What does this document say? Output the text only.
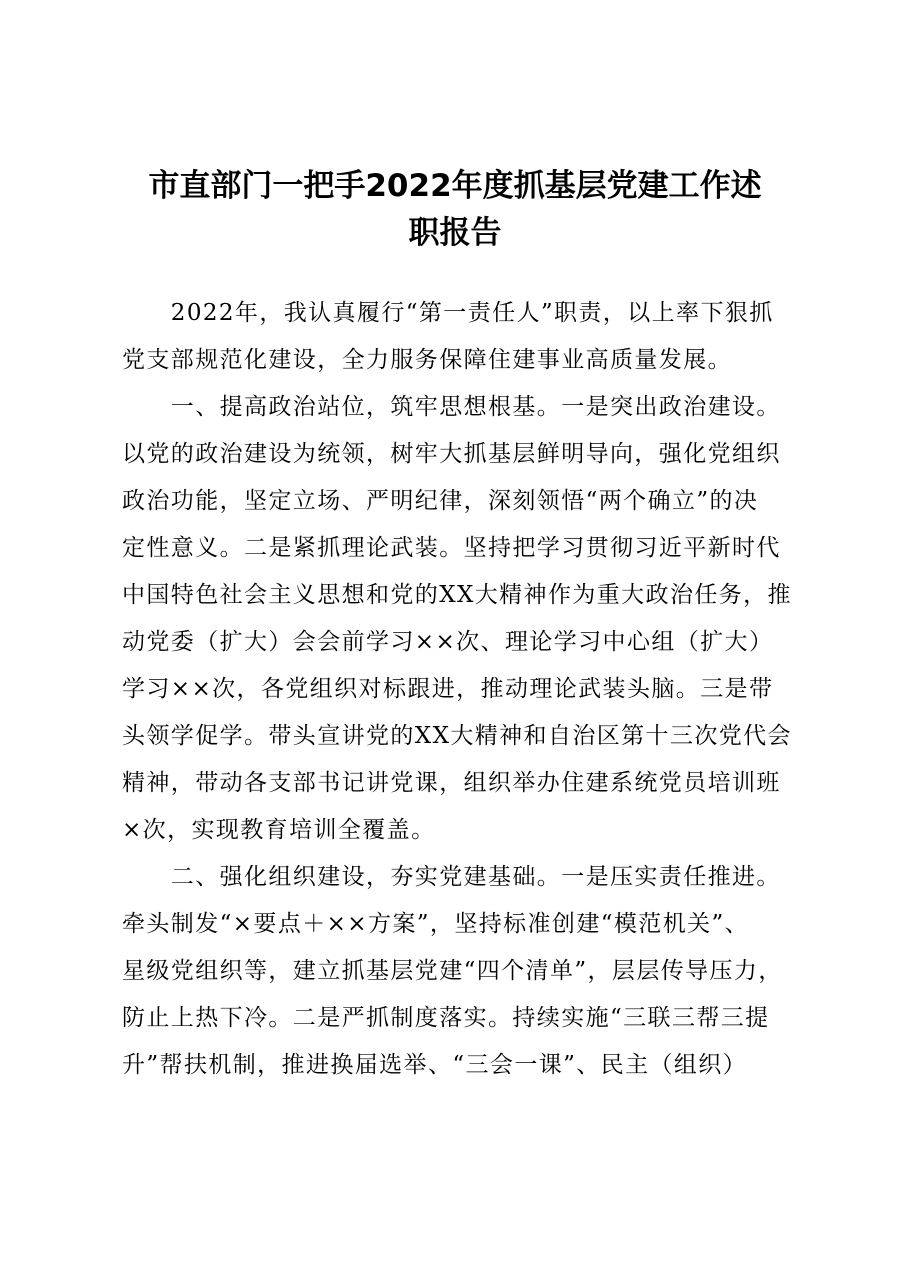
市直部门一把手2022年度抓基层党建工作述
职报告
　　2022年，我认真履行“第一责任人”职责，以上率下狠抓
党支部规范化建设，全力服务保障住建事业高质量发展。
　　一、提高政治站位，筑牢思想根基。一是突出政治建设。
以党的政治建设为统领，树牢大抓基层鲜明导向，强化党组织
政治功能，坚定立场、严明纪律，深刻领悟“两个确立”的决
定性意义。二是紧抓理论武装。坚持把学习贯彻习近平新时代
中国特色社会主义思想和党的XX大精神作为重大政治任务，推
动党委（扩大）会会前学习××次、理论学习中心组（扩大）
学习××次，各党组织对标跟进，推动理论武装头脑。三是带
头领学促学。带头宣讲党的XX大精神和自治区第十三次党代会
精神，带动各支部书记讲党课，组织举办住建系统党员培训班
×次，实现教育培训全覆盖。
　　二、强化组织建设，夯实党建基础。一是压实责任推进。
牵头制发“×要点＋××方案”，坚持标准创建“模范机关”、
星级党组织等，建立抓基层党建“四个清单”，层层传导压力，
防止上热下冷。二是严抓制度落实。持续实施“三联三帮三提
升”帮扶机制，推进换届选举、“三会一课”、民主（组织）
